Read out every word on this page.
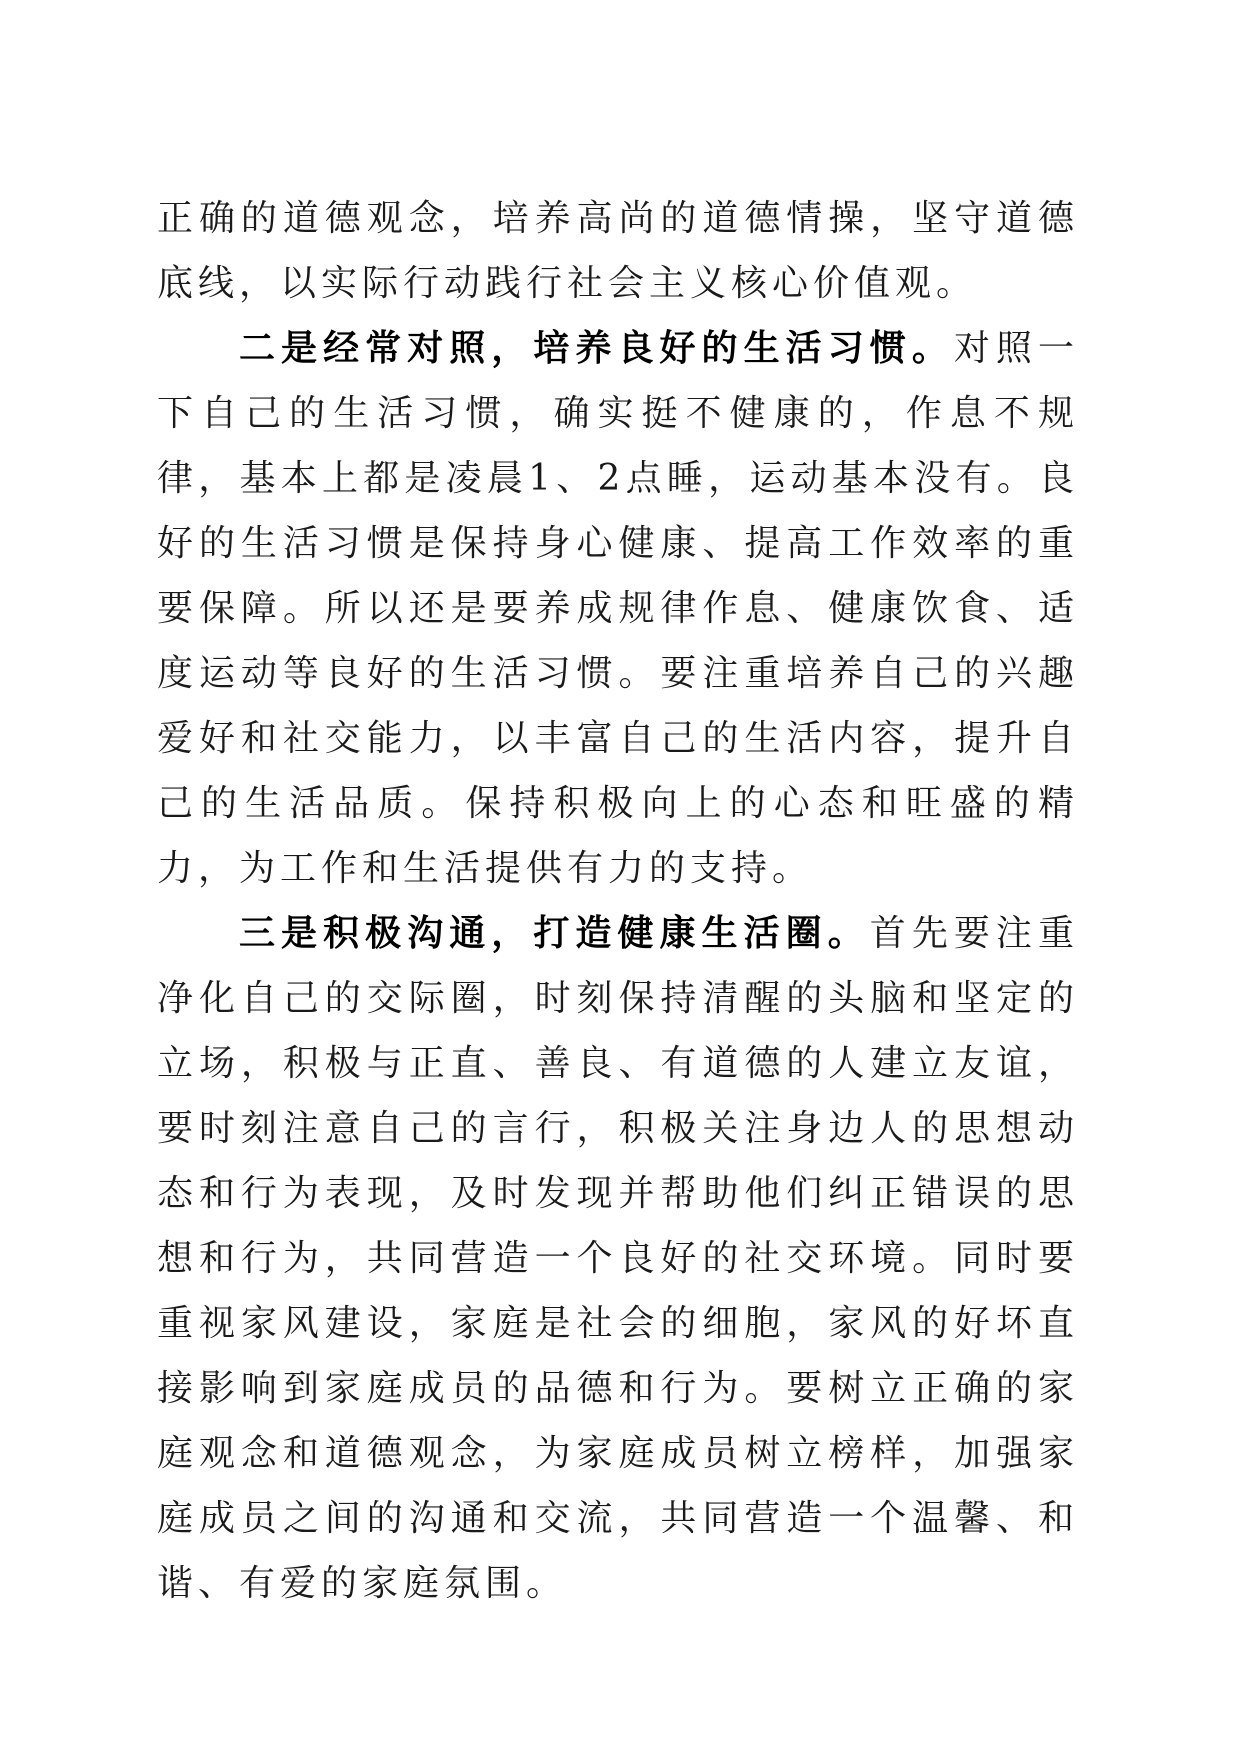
正确的道德观念，培养高尚的道德情操，坚守道德底线，以实际行动践行社会主义核心价值观。

二是经常对照，培养良好的生活习惯。对照一下自己的生活习惯，确实挺不健康的，作息不规律，基本上都是凌晨1、2点睡，运动基本没有。良好的生活习惯是保持身心健康、提高工作效率的重要保障。所以还是要养成规律作息、健康饮食、适度运动等良好的生活习惯。要注重培养自己的兴趣爱好和社交能力，以丰富自己的生活内容，提升自己的生活品质。保持积极向上的心态和旺盛的精力，为工作和生活提供有力的支持。

三是积极沟通，打造健康生活圈。首先要注重净化自己的交际圈，时刻保持清醒的头脑和坚定的立场，积极与正直、善良、有道德的人建立友谊，要时刻注意自己的言行，积极关注身边人的思想动态和行为表现，及时发现并帮助他们纠正错误的思想和行为，共同营造一个良好的社交环境。同时要重视家风建设，家庭是社会的细胞，家风的好坏直接影响到家庭成员的品德和行为。要树立正确的家庭观念和道德观念，为家庭成员树立榜样，加强家庭成员之间的沟通和交流，共同营造一个温馨、和谐、有爱的家庭氛围。
